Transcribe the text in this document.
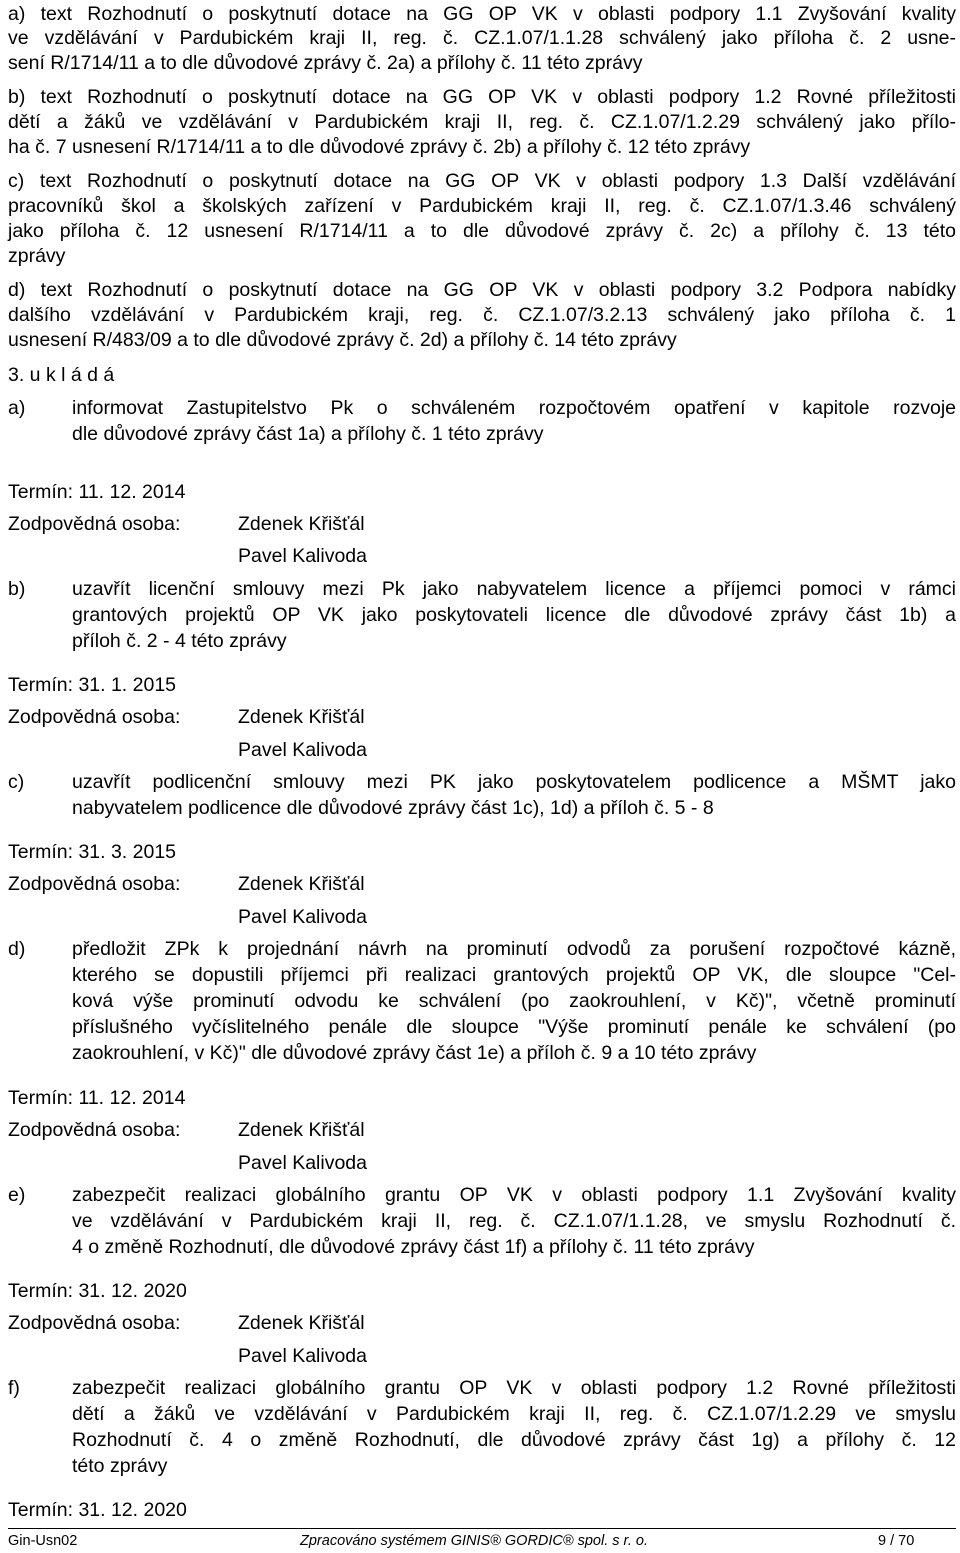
a) text Rozhodnutí o poskytnutí dotace na GG OP VK v oblasti podpory 1.1 Zvyšování kvality
ve vzdělávání v Pardubickém kraji II, reg. č. CZ.1.07/1.1.28 schválený jako příloha č. 2 usne-
sení R/1714/11 a to dle důvodové zprávy č. 2a) a přílohy č. 11 této zprávy
b) text Rozhodnutí o poskytnutí dotace na GG OP VK v oblasti podpory 1.2 Rovné příležitosti
dětí a žáků ve vzdělávání v Pardubickém kraji II, reg. č. CZ.1.07/1.2.29 schválený jako přílo-
ha č. 7 usnesení R/1714/11 a to dle důvodové zprávy č. 2b) a přílohy č. 12 této zprávy
c) text Rozhodnutí o poskytnutí dotace na GG OP VK v oblasti podpory 1.3 Další vzdělávání
pracovníků škol a školských zařízení v Pardubickém kraji II, reg. č. CZ.1.07/1.3.46 schválený
jako příloha č. 12 usnesení R/1714/11 a to dle důvodové zprávy č. 2c) a přílohy č. 13 této
zprávy
d) text Rozhodnutí o poskytnutí dotace na GG OP VK v oblasti podpory 3.2 Podpora nabídky
dalšího vzdělávání v Pardubickém kraji, reg. č. CZ.1.07/3.2.13 schválený jako příloha č. 1
usnesení R/483/09 a to dle důvodové zprávy č. 2d) a přílohy č. 14 této zprávy
3. u k l á d á
a) informovat Zastupitelstvo Pk o schváleném rozpočtovém opatření v kapitole rozvoje
dle důvodové zprávy část 1a) a přílohy č. 1 této zprávy
Termín: 11. 12. 2014
Zodpovědná osoba:	Zdenek Křišťál
Pavel Kalivoda
b) uzavřít licenční smlouvy mezi Pk jako nabyvatelem licence a příjemci pomoci v rámci
grantových projektů OP VK jako poskytovateli licence dle důvodové zprávy část 1b) a
příloh č. 2 - 4 této zprávy
Termín: 31. 1. 2015
Zodpovědná osoba:	Zdenek Křišťál
Pavel Kalivoda
c) uzavřít podlicenční smlouvy mezi PK jako poskytovatelem podlicence a MŠMT jako
nabyvatelem podlicence dle důvodové zprávy část 1c), 1d) a příloh č. 5 - 8
Termín: 31. 3. 2015
Zodpovědná osoba:	Zdenek Křišťál
Pavel Kalivoda
d) předložit ZPk k projednání návrh na prominutí odvodů za porušení rozpočtové kázně,
kterého se dopustili příjemci při realizaci grantových projektů OP VK, dle sloupce "Cel-
ková výše prominutí odvodu ke schválení (po zaokrouhlení, v Kč)", včetně prominutí
příslušného vyčíslitelného penále dle sloupce "Výše prominutí penále ke schválení (po
zaokrouhlení, v Kč)" dle důvodové zprávy část 1e) a příloh č. 9 a 10 této zprávy
Termín: 11. 12. 2014
Zodpovědná osoba:	Zdenek Křišťál
Pavel Kalivoda
e) zabezpečit realizaci globálního grantu OP VK v oblasti podpory 1.1 Zvyšování kvality
ve vzdělávání v Pardubickém kraji II, reg. č. CZ.1.07/1.1.28, ve smyslu Rozhodnutí č.
4 o změně Rozhodnutí, dle důvodové zprávy část 1f) a přílohy č. 11 této zprávy
Termín: 31. 12. 2020
Zodpovědná osoba:	Zdenek Křišťál
Pavel Kalivoda
f)	zabezpečit realizaci globálního grantu OP VK v oblasti podpory 1.2 Rovné příležitosti
dětí a žáků ve vzdělávání v Pardubickém kraji II, reg. č. CZ.1.07/1.2.29 ve smyslu
Rozhodnutí č. 4 o změně Rozhodnutí, dle důvodové zprávy část 1g) a přílohy č. 12
této zprávy
Termín: 31. 12. 2020
Gin-Usn02	Zpracováno systémem GINIS® GORDIC® spol. s r. o.	9 / 70
